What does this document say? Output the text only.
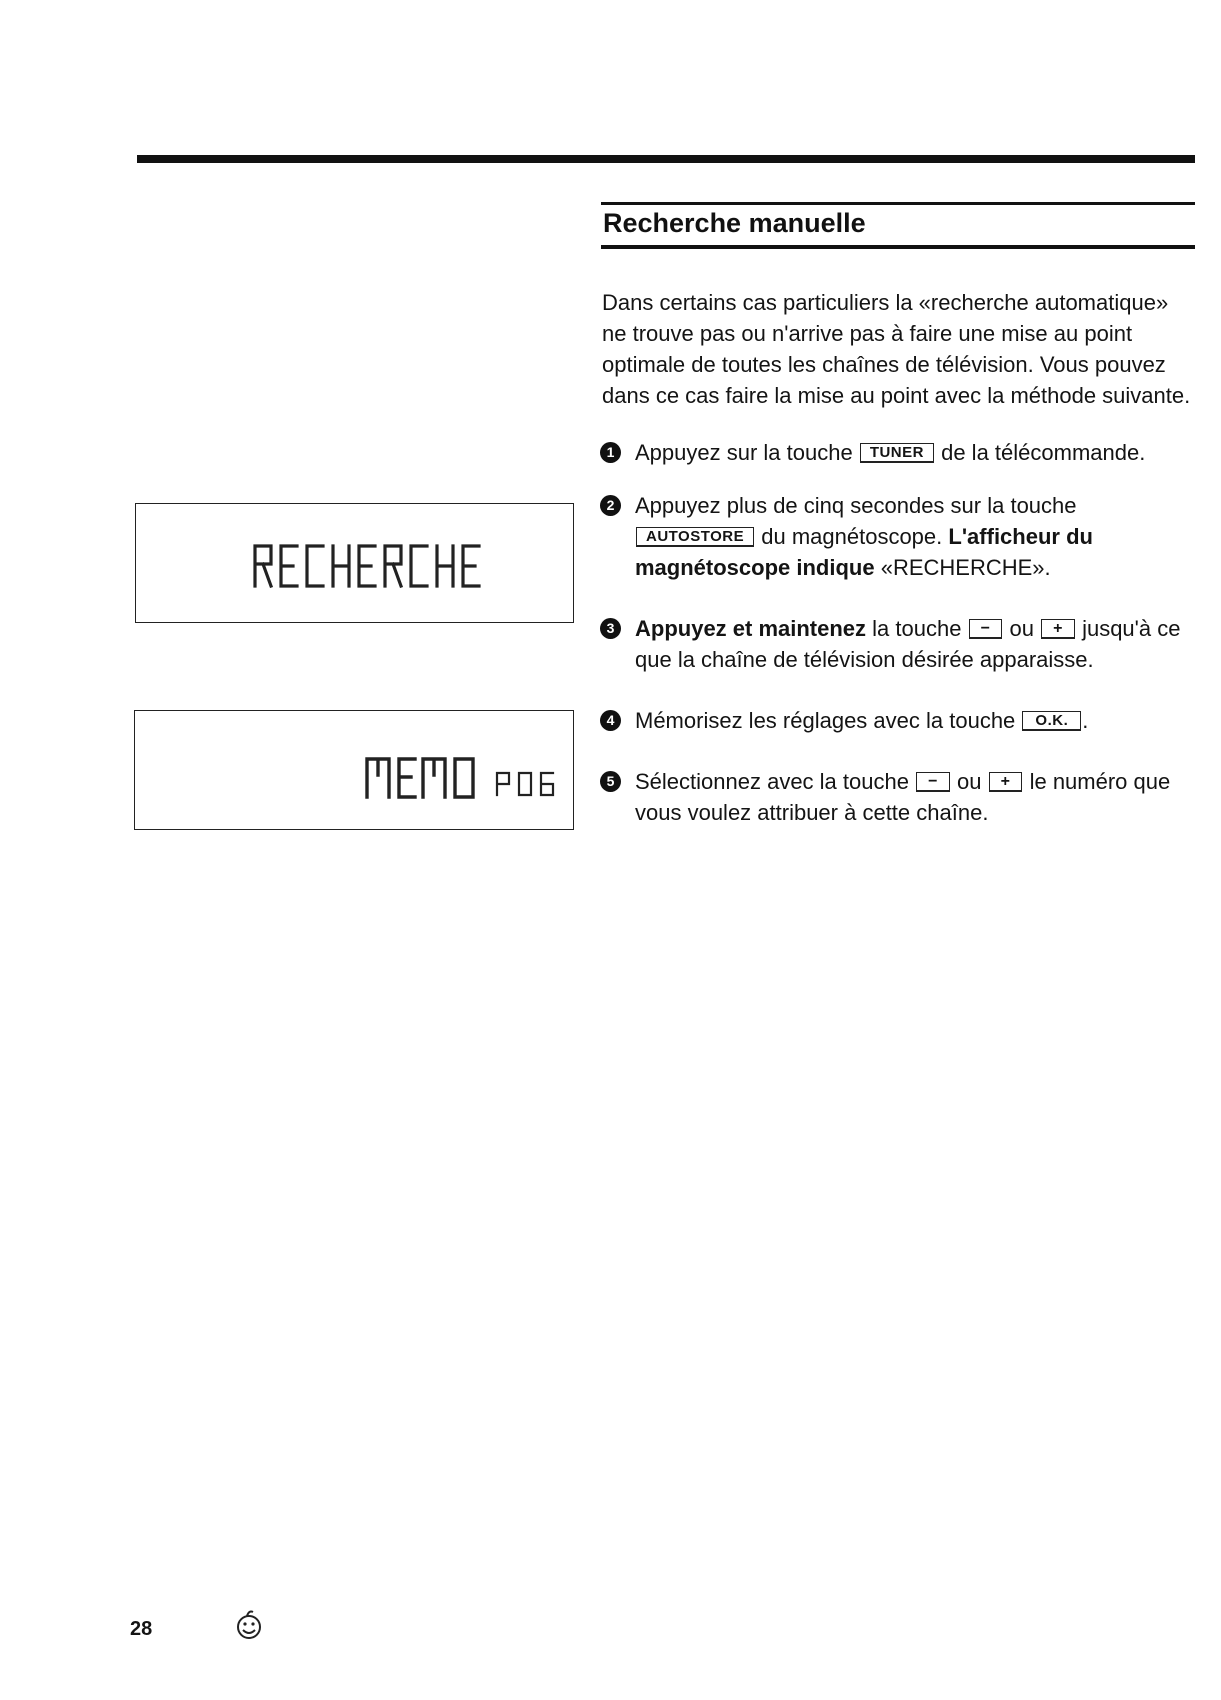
Recherche manuelle

Dans certains cas particuliers la «recherche automatique» ne trouve pas ou n'arrive pas à faire une mise au point optimale de toutes les chaînes de télévision. Vous pouvez dans ce cas faire la mise au point avec la méthode suivante.

1 Appuyez sur la touche TUNER de la télécommande.
2 Appuyez plus de cinq secondes sur la touche AUTOSTORE du magnétoscope. L'afficheur du magnétoscope indique «RECHERCHE».
3 Appuyez et maintenez la touche − ou + jusqu'à ce que la chaîne de télévision désirée apparaisse.
4 Mémorisez les réglages avec la touche O.K. .
5 Sélectionnez avec la touche − ou + le numéro que vous voulez attribuer à cette chaîne.
28
